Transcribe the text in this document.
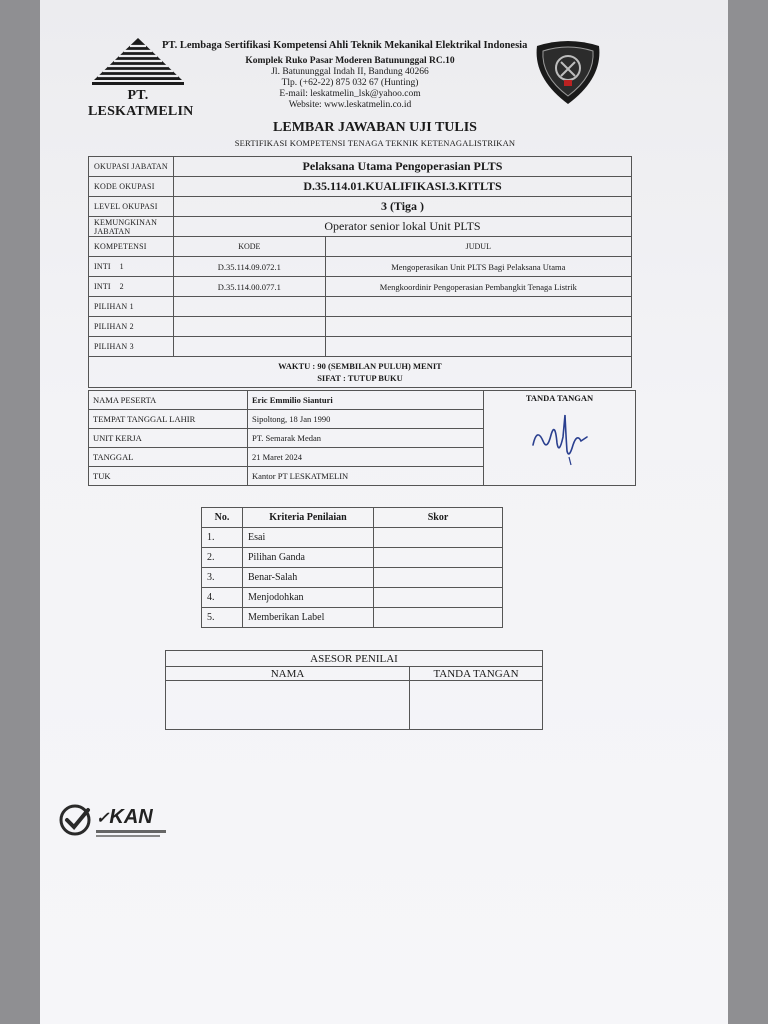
PT. LESKATMELIN
PT. Lembaga Sertifikasi Kompetensi Ahli Teknik Mekanikal Elektrikal Indonesia
Komplek Ruko Pasar Moderen Batununggal RC.10
Jl. Batununggal Indah II, Bandung 40266
Tlp. (+62-22) 875 032 67 (Hunting)
E-mail: leskatmelin_lsk@yahoo.com
Website: www.leskatmelin.co.id
LEMBAR JAWABAN UJI TULIS
SERTIFIKASI KOMPETENSI TENAGA TEKNIK KETENAGALISTRIKAN
OKUPASI JABATAN	Pelaksana Utama Pengoperasian PLTS	
KODE OKUPASI	D.35.114.01.KUALIFIKASI.3.KITLTS	
LEVEL OKUPASI	3 (Tiga )	
KEMUNGKINAN JABATAN	Operator senior lokal Unit PLTS	
KOMPETENSI	KODE	JUDUL
INTI    1	D.35.114.09.072.1	Mengoperasikan Unit PLTS Bagi Pelaksana Utama
INTI    2	D.35.114.00.077.1	Mengkoordinir Pengoperasian Pembangkit Tenaga Listrik
PILIHAN 1		
PILIHAN 2		
PILIHAN 3		

WAKTU : 90 (SEMBILAN PULUH) MENIT
SIFAT : TUTUP BUKU		
NAMA PESERTA	Eric Emmilio Sianturi	TANDA TANGAN

TEMPAT TANGGAL LAHIR	Sipoltong, 18 Jan 1990	
UNIT KERJA	PT. Semarak Medan	
TANGGAL	21 Maret 2024	
TUK	Kantor PT LESKATMELIN	
No.	Kriteria Penilaian	Skor
1.	Esai	
2.	Pilihan Ganda	
3.	Benar-Salah	
4.	Menjodohkan	
5.	Memberikan Label	
ASESOR PENILAI	
NAMA	TANDA TANGAN

✓KAN
